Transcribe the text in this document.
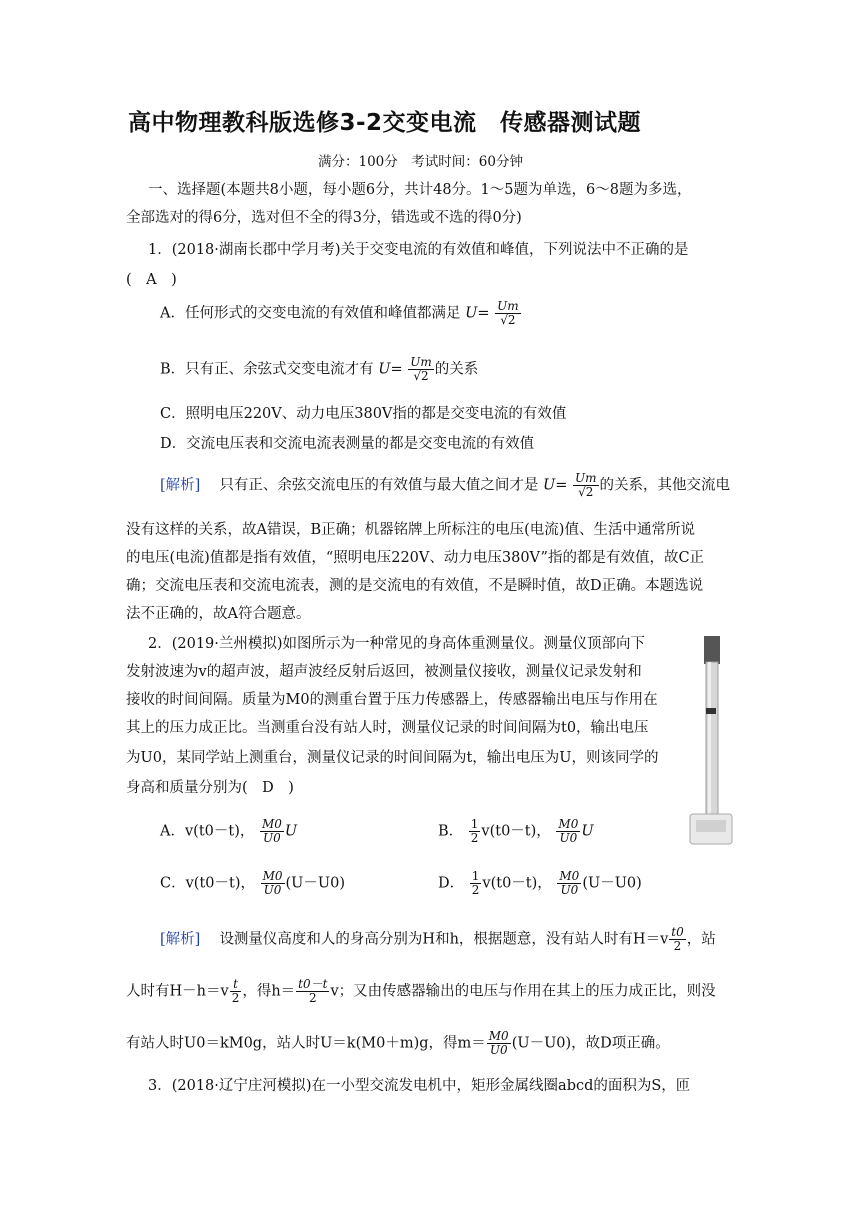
高中物理教科版选修3-2交变电流　传感器测试题
满分：100分　考试时间：60分钟
一、选择题(本题共8小题，每小题6分，共计48分。1～5题为单选，6～8题为多选，
全部选对的得6分，选对但不全的得3分，错选或不选的得0分)
1．(2018·湖南长郡中学月考)关于交变电流的有效值和峰值，下列说法中不正确的是
(　A　)
A．任何形式的交变电流的有效值和峰值都满足 $U= \frac{Um}{√2}$
B．只有正、余弦式交变电流才有 $U= \frac{Um}{√2}$ 的关系
C．照明电压220V、动力电压380V指的都是交变电流的有效值
D．交流电压表和交流电流表测量的都是交变电流的有效值
[解析]　 只有正、余弦交流电压的有效值与最大值之间才是 $U= \frac{Um}{√2}$ 的关系，其他交流电
没有这样的关系，故A错误，B正确；机器铭牌上所标注的电压(电流)值、生活中通常所说
的电压(电流)值都是指有效值，“照明电压220V、动力电压380V”指的都是有效值，故C正
确；交流电压表和交流电流表，测的是交流电的有效值，不是瞬时值，故D正确。本题选说
法不正确的，故A符合题意。
2．(2019·兰州模拟)如图所示为一种常见的身高体重测量仪。测量仪顶部向下
发射波速为v的超声波，超声波经反射后返回，被测量仪接收，测量仪记录发射和
接收的时间间隔。质量为M0的测重台置于压力传感器上，传感器输出电压与作用在
其上的压力成正比。当测重台没有站人时，测量仪记录的时间间隔为t0，输出电压
为U0，某同学站上测重台，测量仪记录的时间间隔为t，输出电压为U，则该同学的
身高和质量分别为(　D　)
A．v(t0－t)， $\frac{M0}{U0}$ U	B． $\frac{1}{2} v(t0-t)$， $\frac{M0}{U0}$ U
C．v(t0－t)， $\frac{M0}{U0} (U-U0)$	D． $\frac{1}{2} v(t0-t)$， $\frac{M0}{U0} (U-U0)$
[解析]　 设测量仪高度和人的身高分别为H和h，根据题意，没有站人时有$H=v \frac{t0}{2}$ ，站
人时有$H-h=v \frac{t}{2}$ ，得$h= \frac{t0-t}{2}$ v；又由传感器输出的电压与作用在其上的压力成正比，则没
有站人时U0＝kM0g，站人时U＝k(M0＋m)g，得$m= \frac{M0}{U0} (U-U0)$，故D项正确。
3．(2018·辽宁庄河模拟)在一小型交流发电机中，矩形金属线圈abcd的面积为S，匝
